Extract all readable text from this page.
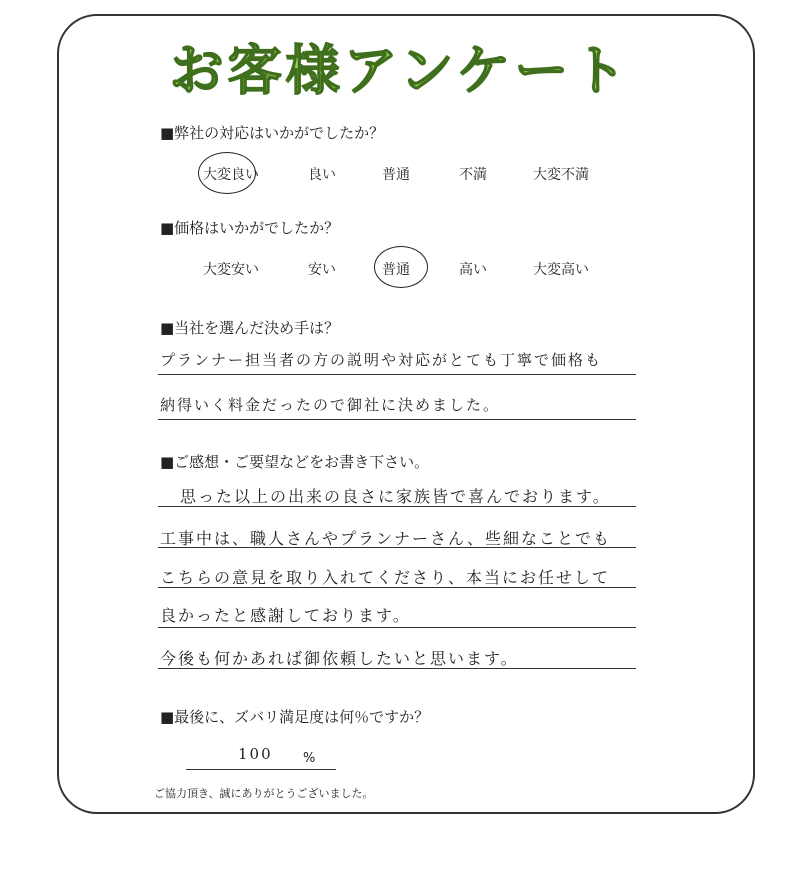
お客様アンケート
■弊社の対応はいかがでしたか？
大変良い	良い	普通	不満	大変不満
■価格はいかがでしたか？
大変安い	安い	普通	高い	大変高い
■当社を選んだ決め手は？
プランナー担当者の方の説明や対応がとても丁寧で価格も
納得いく料金だったので御社に決めました。
■ご感想・ご要望などをお書き下さい。
思った以上の出来の良さに家族皆で喜んでおります。
工事中は、職人さんやプランナーさん、些細なことでも
こちらの意見を取り入れてくださり、本当にお任せして
良かったと感謝しております。
今後も何かあれば御依頼したいと思います。
■最後に、ズバリ満足度は何％ですか？
100 %
ご協力頂き、誠にありがとうございました。
